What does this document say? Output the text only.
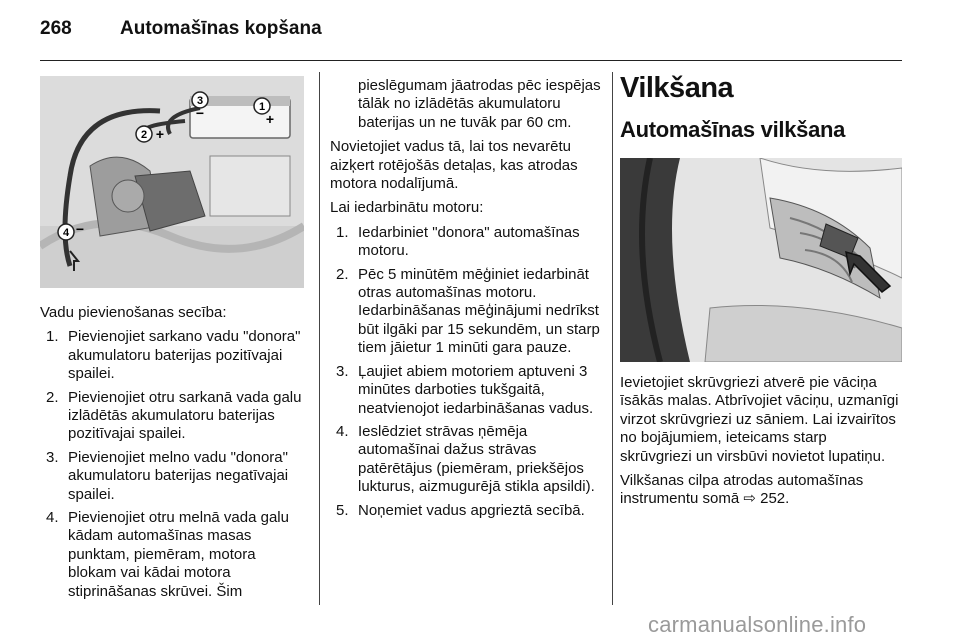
268	Automašīnas kopšana
3
−	1
+
2 +
4 −

Vadu pievienošanas secība:

1. Pievienojiet sarkano vadu "donora" akumulatoru baterijas pozitīvajai spailei.
2. Pievienojiet otru sarkanā vada galu izlādētās akumulatoru baterijas pozitīvajai spailei.
3. Pievienojiet melno vadu "donora" akumulatoru baterijas negatīvajai spailei.
4. Pievienojiet otru melnā vada galu kādam automašīnas masas punktam, piemēram, motora blokam vai kādai motora stiprināšanas skrūvei. Šim

pieslēgumam jāatrodas pēc iespējas tālāk no izlādētās akumulatoru baterijas un ne tuvāk par 60 cm.

Novietojiet vadus tā, lai tos nevarētu aizķert rotējošās detaļas, kas atrodas motora nodalījumā.

Lai iedarbinātu motoru:

1. Iedarbiniet "donora" automašīnas motoru.
2. Pēc 5 minūtēm mēģiniet iedarbināt otras automašīnas motoru. Iedarbināšanas mēģinājumi nedrīkst būt ilgāki par 15 sekundēm, un starp tiem jāietur 1 minūti gara pauze.
3. Ļaujiet abiem motoriem aptuveni 3 minūtes darboties tukšgaitā, neatvienojot iedarbināšanas vadus.
4. Ieslēdziet strāvas ņēmēja automašīnai dažus strāvas patērētājus (piemēram, priekšējos lukturus, aizmugurējā stikla apsildi).
5. Noņemiet vadus apgrieztā secībā.
Vilkšana
Automašīnas vilkšana

Ievietojiet skrūvgriezi atverē pie vāciņa īsākās malas. Atbrīvojiet vāciņu, uzmanīgi virzot skrūvgriezi uz sāniem. Lai izvairītos no bojājumiem, ieteicams starp skrūvgriezi un virsbūvi novietot lupatiņu.

Vilkšanas cilpa atrodas automašīnas instrumentu somā ⇨ 252.

carmanualsonline.info
